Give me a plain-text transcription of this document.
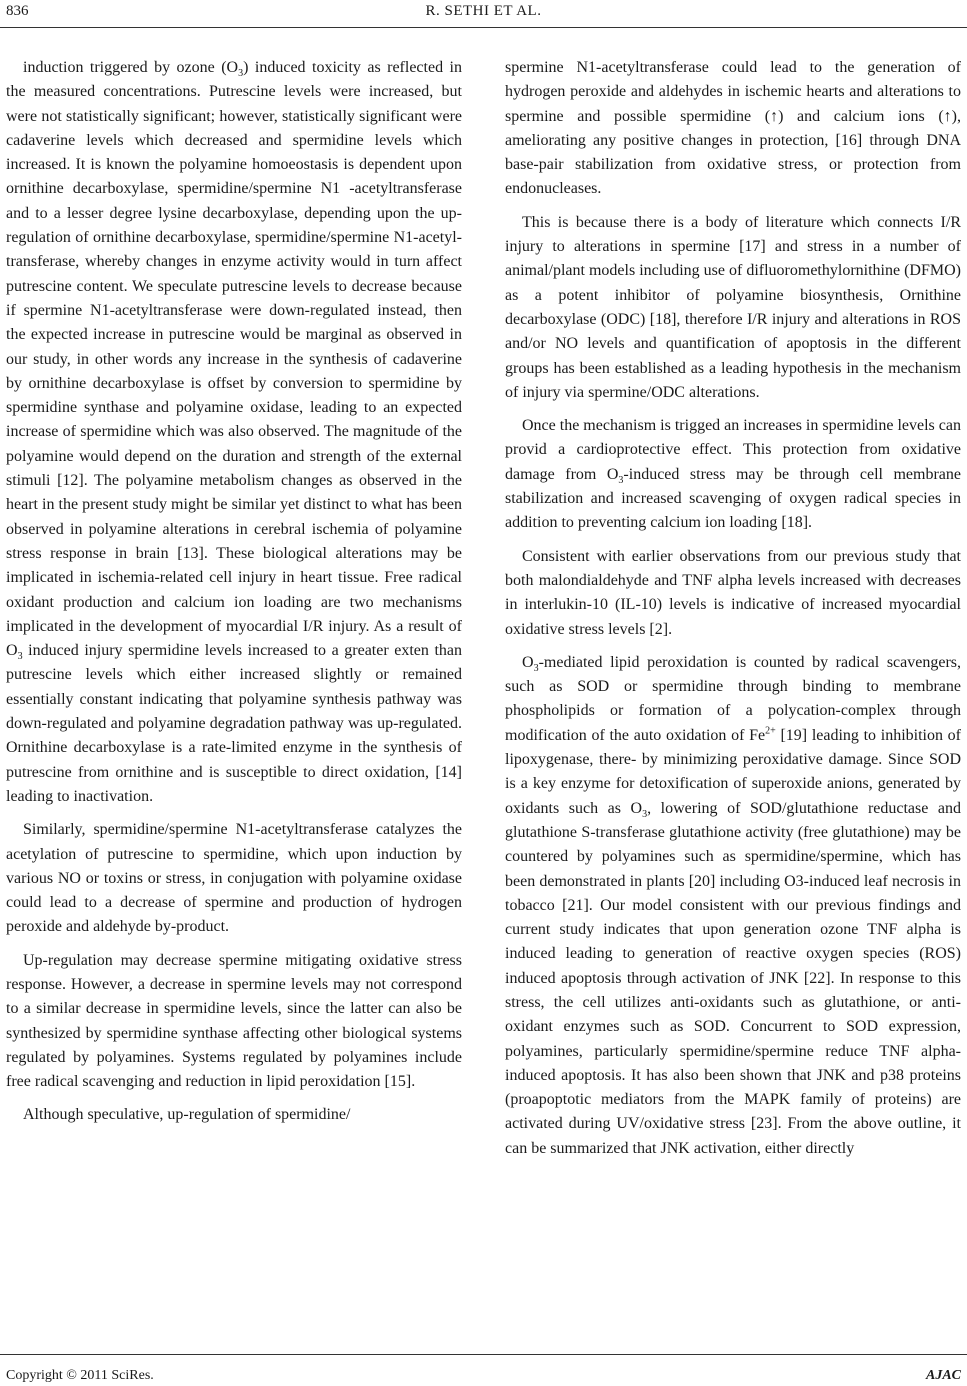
836	R. SETHI ET AL.

induction triggered by ozone $(O_3)$ induced toxicity as reflected in the measured concentrations. Putrescine levels were increased, but were not statistically significant; however, statistically significant were cadaverine levels which decreased and spermidine levels which increased. It is known the polyamine homoeostasis is dependent upon ornithine decarboxylase, spermidine/spermine N1 -acetyltransferase and to a lesser degree lysine decarboxylase, depending upon the up-regulation of ornithine decarboxylase, spermidine/spermine N1-acetyl-transferase, whereby changes in enzyme activity would in turn affect putrescine content. We speculate putrescine levels to decrease because if spermine N1-acetyltransferase were down-regulated instead, then the expected increase in putrescine would be marginal as observed in our study, in other words any increase in the synthesis of cadaverine by ornithine decarboxylase is offset by conversion to spermidine by spermidine synthase and polyamine oxidase, leading to an expected increase of spermidine which was also observed. The magnitude of the polyamine would depend on the duration and strength of the external stimuli [12]. The polyamine metabolism changes as observed in the heart in the present study might be similar yet distinct to what has been observed in polyamine alterations in cerebral ischemia of polyamine stress response in brain [13]. These biological alterations may be implicated in ischemia-related cell injury in heart tissue. Free radical oxidant production and calcium ion loading are two mechanisms implicated in the development of myocardial I/R injury. As a result of $O_3$ induced injury spermidine levels increased to a greater exten than putrescine levels which either increased slightly or remained essentially constant indicating that polyamine synthesis pathway was down-regulated and polyamine degradation pathway was up-regulated. Ornithine decarboxylase is a rate-limited enzyme in the synthesis of putrescine from ornithine and is susceptible to direct oxidation, [14] leading to inactivation.

Similarly, spermidine/spermine N1-acetyltransferase catalyzes the acetylation of putrescine to spermidine, which upon induction by various NO or toxins or stress, in conjugation with polyamine oxidase could lead to a decrease of spermine and production of hydrogen peroxide and aldehyde by-product.

Up-regulation may decrease spermine mitigating oxidative stress response. However, a decrease in spermine levels may not correspond to a similar decrease in spermidine levels, since the latter can also be synthesized by spermidine synthase affecting other biological systems regulated by polyamines. Systems regulated by polyamines include free radical scavenging and reduction in lipid peroxidation [15].

Although speculative, up-regulation of spermidine/

spermine N1-acetyltransferase could lead to the generation of hydrogen peroxide and aldehydes in ischemic hearts and alterations to spermine and possible spermidine (↑) and calcium ions (↑), ameliorating any positive changes in protection, [16] through DNA base-pair stabilization from oxidative stress, or protection from endonucleases.

This is because there is a body of literature which connects I/R injury to alterations in spermine [17] and stress in a number of animal/plant models including use of difluoromethylornithine (DFMO) as a potent inhibitor of polyamine biosynthesis, Ornithine decarboxylase (ODC) [18], therefore I/R injury and alterations in ROS and/or NO levels and quantification of apoptosis in the different groups has been established as a leading hypothesis in the mechanism of injury via spermine/ODC alterations.

Once the mechanism is trigged an increases in spermidine levels can provid a cardioprotective effect. This protection from oxidative damage from $O_3$-induced stress may be through cell membrane stabilization and increased scavenging of oxygen radical species in addition to preventing calcium ion loading [18].

Consistent with earlier observations from our previous study that both malondialdehyde and TNF alpha levels increased with decreases in interlukin-10 (IL-10) levels is indicative of increased myocardial oxidative stress levels [2].

$O_3$-mediated lipid peroxidation is counted by radical scavengers, such as SOD or spermidine through binding to membrane phospholipids or formation of a polycation-complex through modification of the auto oxidation of $Fe^{2+}$ [19] leading to inhibition of lipoxygenase, there- by minimizing peroxidative damage. Since SOD is a key enzyme for detoxification of superoxide anions, generated by oxidants such as $O_3$, lowering of SOD/glutathione reductase and glutathione S-transferase glutathione activity (free glutathione) may be countered by polyamines such as spermidine/spermine, which has been demonstrated in plants [20] including O3-induced leaf necrosis in tobacco [21]. Our model consistent with our previous findings and current study indicates that upon generation ozone TNF alpha is induced leading to generation of reactive oxygen species (ROS) induced apoptosis through activation of JNK [22]. In response to this stress, the cell utilizes anti-oxidants such as glutathione, or anti-oxidant enzymes such as SOD. Concurrent to SOD expression, polyamines, particularly spermidine/spermine reduce TNF alpha-induced apoptosis. It has also been shown that JNK and p38 proteins (proapoptotic mediators from the MAPK family of proteins) are activated during UV/oxidative stress [23]. From the above outline, it can be summarized that JNK activation, either directly

Copyright © 2011 SciRes.	AJAC
